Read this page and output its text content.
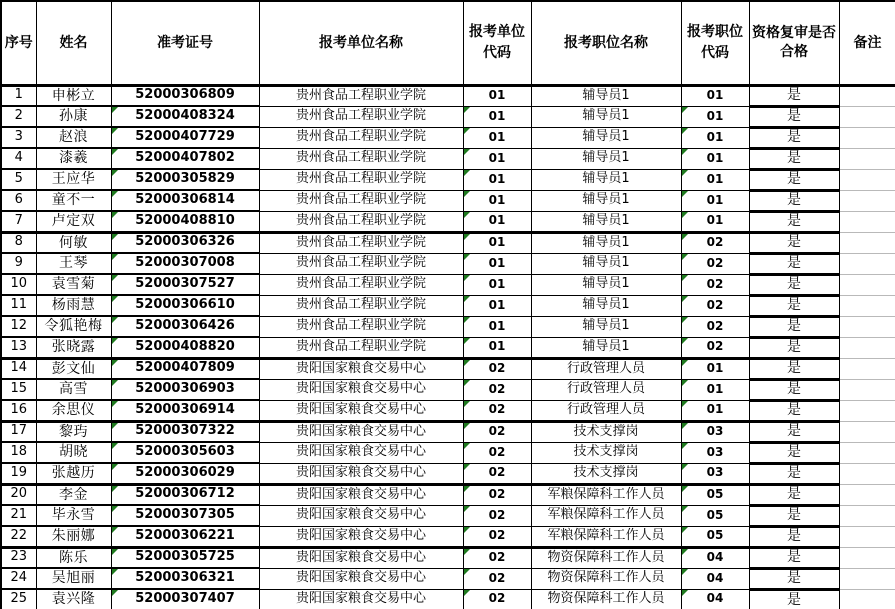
序号	姓名	准考证号	报考单位名称	报考单位代码	报考职位名称	报考职位代码	资格复审是否合格	备注
1	申彬立	52000306809	贵州食品工程职业学院	01	辅导员1	01	是	
2	孙康	52000408324	贵州食品工程职业学院	01	辅导员1	01	是	
3	赵浪	52000407729	贵州食品工程职业学院	01	辅导员1	01	是	
4	漆羲	52000407802	贵州食品工程职业学院	01	辅导员1	01	是	
5	王应华	52000305829	贵州食品工程职业学院	01	辅导员1	01	是	
6	童不一	52000306814	贵州食品工程职业学院	01	辅导员1	01	是	
7	卢定双	52000408810	贵州食品工程职业学院	01	辅导员1	01	是	
8	何敏	52000306326	贵州食品工程职业学院	01	辅导员1	02	是	
9	王琴	52000307008	贵州食品工程职业学院	01	辅导员1	02	是	
10	袁雪菊	52000307527	贵州食品工程职业学院	01	辅导员1	02	是	
11	杨雨慧	52000306610	贵州食品工程职业学院	01	辅导员1	02	是	
12	令狐艳梅	52000306426	贵州食品工程职业学院	01	辅导员1	02	是	
13	张晓露	52000408820	贵州食品工程职业学院	01	辅导员1	02	是	
14	彭文仙	52000407809	贵阳国家粮食交易中心	02	行政管理人员	01	是	
15	高雪	52000306903	贵阳国家粮食交易中心	02	行政管理人员	01	是	
16	余思仪	52000306914	贵阳国家粮食交易中心	02	行政管理人员	01	是	
17	黎玙	52000307322	贵阳国家粮食交易中心	02	技术支撑岗	03	是	
18	胡晓	52000305603	贵阳国家粮食交易中心	02	技术支撑岗	03	是	
19	张越历	52000306029	贵阳国家粮食交易中心	02	技术支撑岗	03	是	
20	李金	52000306712	贵阳国家粮食交易中心	02	军粮保障科工作人员	05	是	
21	毕永雪	52000307305	贵阳国家粮食交易中心	02	军粮保障科工作人员	05	是	
22	朱丽娜	52000306221	贵阳国家粮食交易中心	02	军粮保障科工作人员	05	是	
23	陈乐	52000305725	贵阳国家粮食交易中心	02	物资保障科工作人员	04	是	
24	吴旭丽	52000306321	贵阳国家粮食交易中心	02	物资保障科工作人员	04	是	
25	袁兴隆	52000307407	贵阳国家粮食交易中心	02	物资保障科工作人员	04	是	
